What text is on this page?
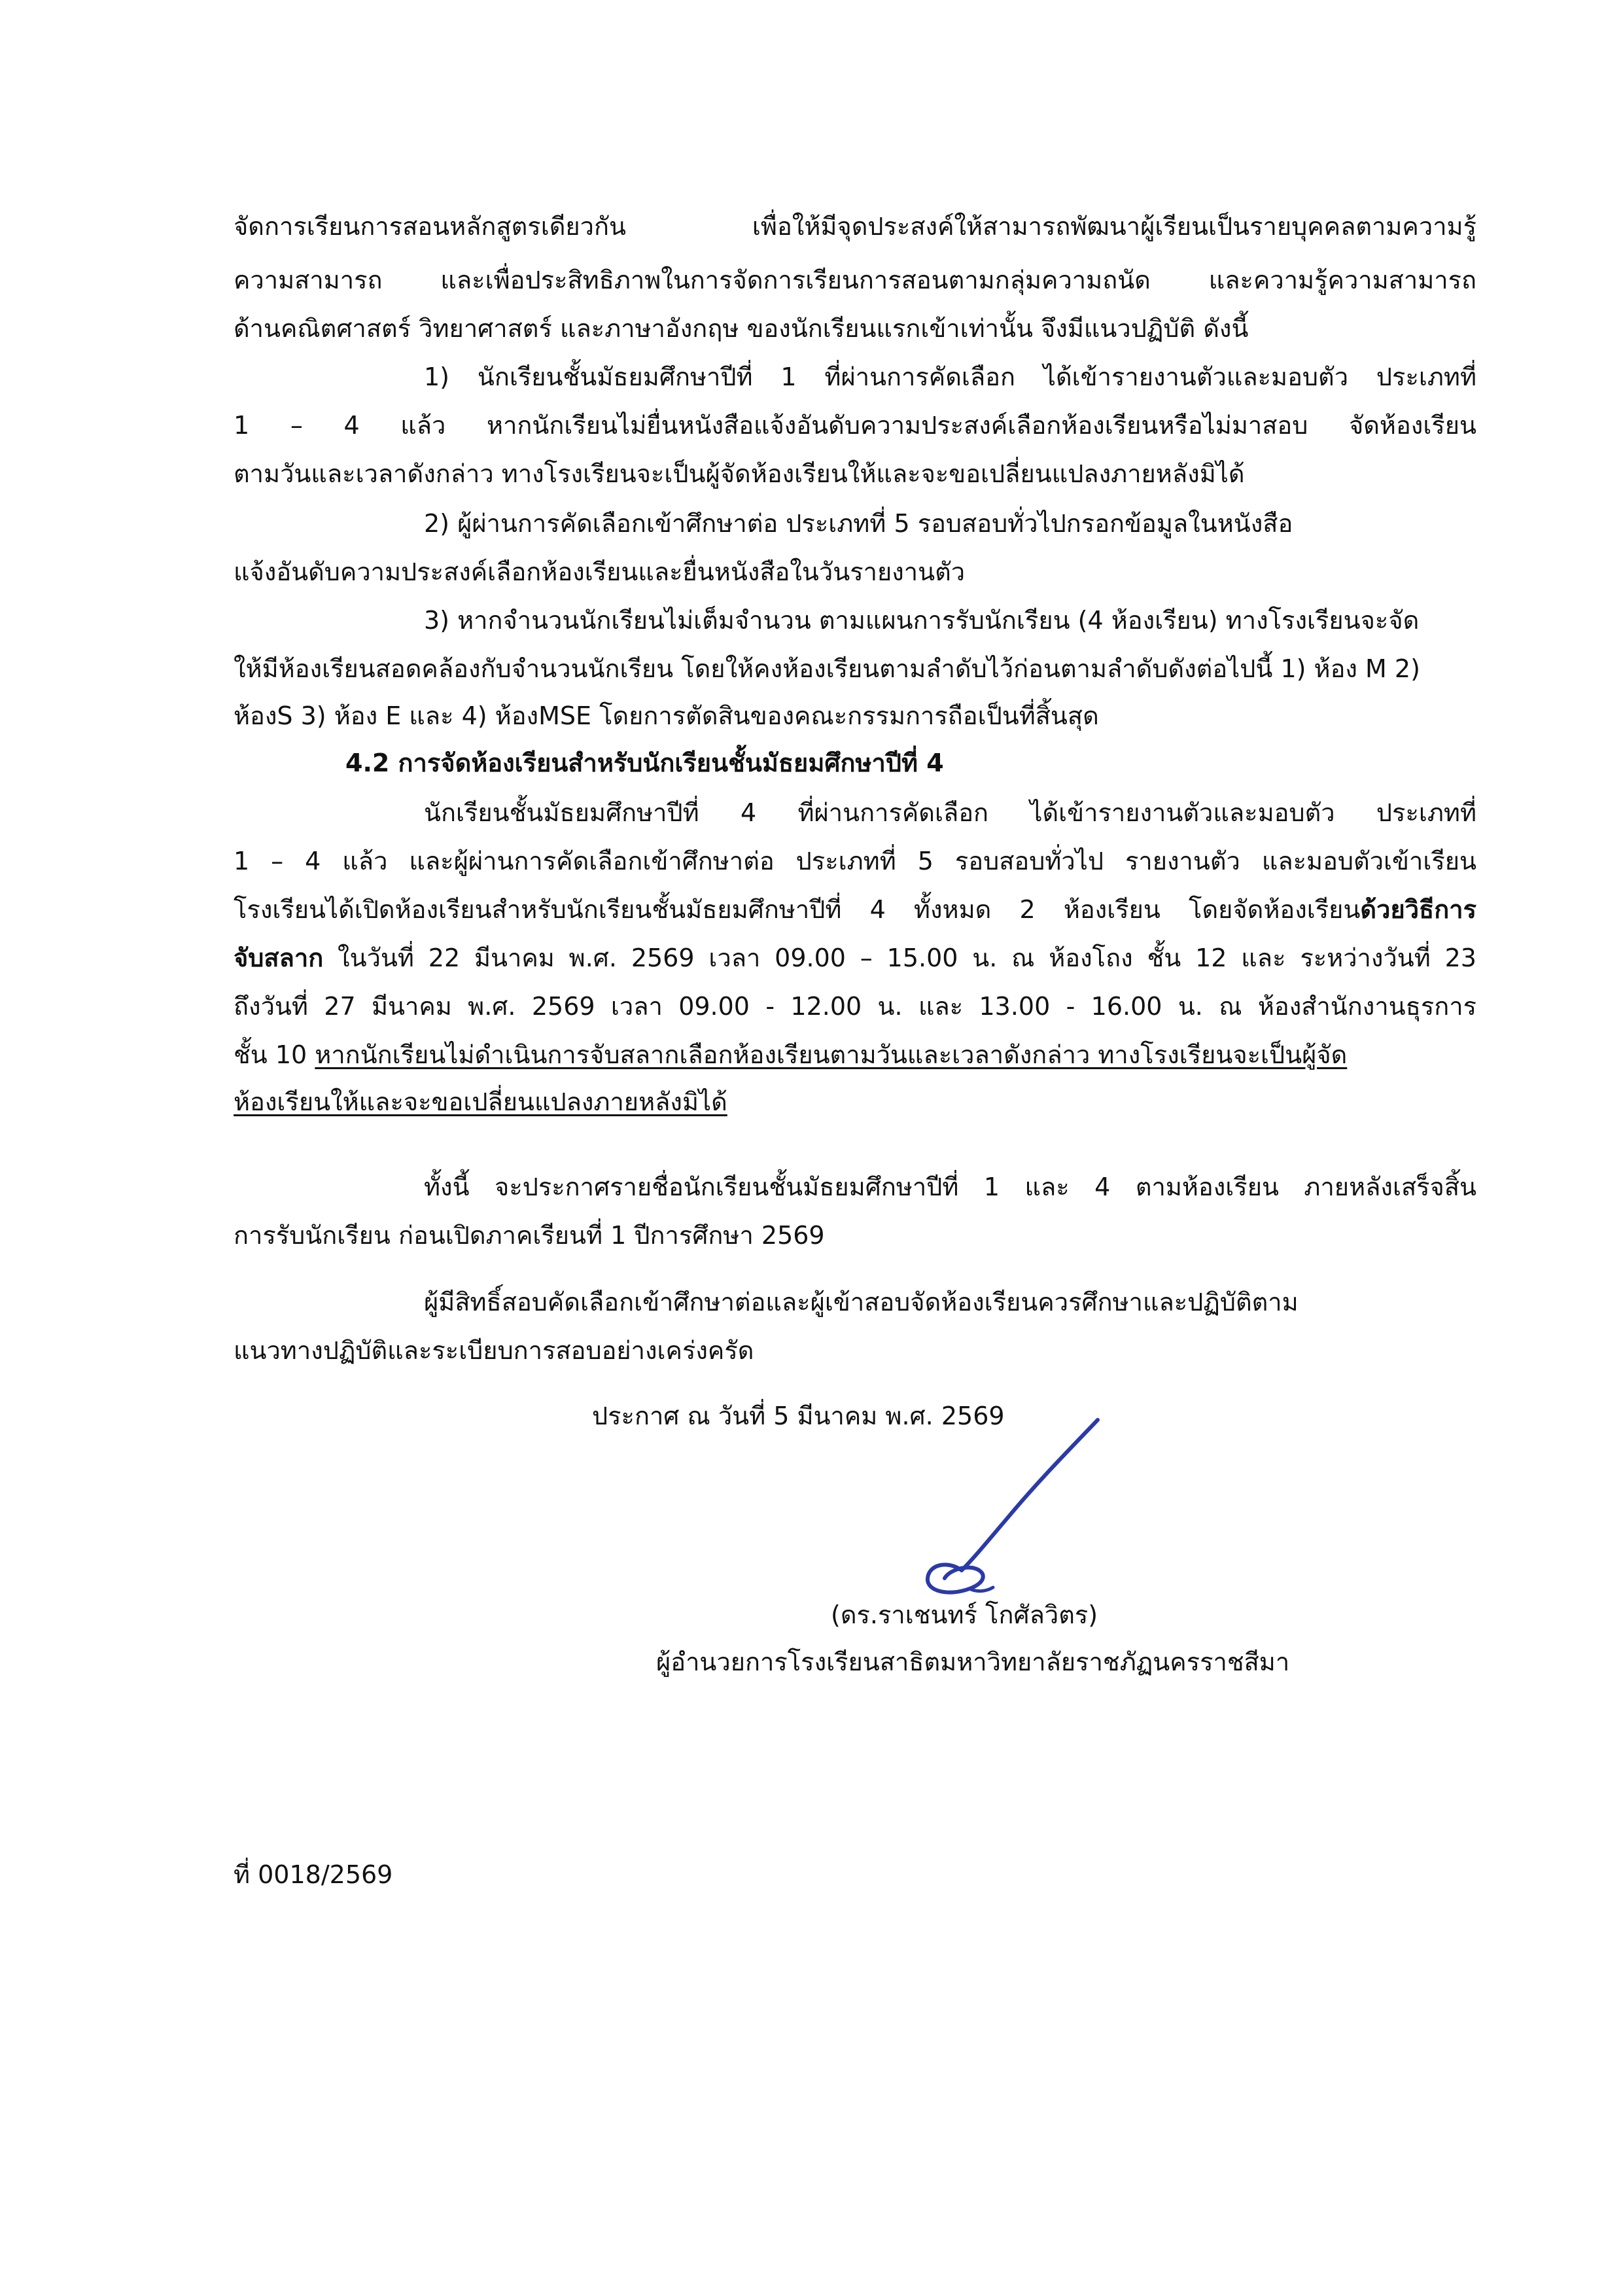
จัดการเรียนการสอนหลักสูตรเดียวกัน เพื่อให้มีจุดประสงค์ให้สามารถพัฒนาผู้เรียนเป็นรายบุคคลตามความรู้
ความสามารถ และเพื่อประสิทธิภาพในการจัดการเรียนการสอนตามกลุ่มความถนัด และความรู้ความสามารถ
ด้านคณิตศาสตร์ วิทยาศาสตร์ และภาษาอังกฤษ ของนักเรียนแรกเข้าเท่านั้น จึงมีแนวปฏิบัติ ดังนี้
1) นักเรียนชั้นมัธยมศึกษาปีที่ 1 ที่ผ่านการคัดเลือก ได้เข้ารายงานตัวและมอบตัว ประเภทที่
1 – 4 แล้ว หากนักเรียนไม่ยื่นหนังสือแจ้งอันดับความประสงค์เลือกห้องเรียนหรือไม่มาสอบ จัดห้องเรียน
ตามวันและเวลาดังกล่าว ทางโรงเรียนจะเป็นผู้จัดห้องเรียนให้และจะขอเปลี่ยนแปลงภายหลังมิได้
2) ผู้ผ่านการคัดเลือกเข้าศึกษาต่อ ประเภทที่ 5 รอบสอบทั่วไปกรอกข้อมูลในหนังสือ
แจ้งอันดับความประสงค์เลือกห้องเรียนและยื่นหนังสือในวันรายงานตัว
3) หากจำนวนนักเรียนไม่เต็มจำนวน ตามแผนการรับนักเรียน (4 ห้องเรียน) ทางโรงเรียนจะจัด
ให้มีห้องเรียนสอดคล้องกับจำนวนนักเรียน โดยให้คงห้องเรียนตามลำดับไว้ก่อนตามลำดับดังต่อไปนี้ 1) ห้อง M 2)
ห้องS 3) ห้อง E และ 4) ห้องMSE โดยการตัดสินของคณะกรรมการถือเป็นที่สิ้นสุด
4.2 การจัดห้องเรียนสำหรับนักเรียนชั้นมัธยมศึกษาปีที่ 4
นักเรียนชั้นมัธยมศึกษาปีที่ 4 ที่ผ่านการคัดเลือก ได้เข้ารายงานตัวและมอบตัว ประเภทที่
1 – 4 แล้ว และผู้ผ่านการคัดเลือกเข้าศึกษาต่อ ประเภทที่ 5 รอบสอบทั่วไป รายงานตัว และมอบตัวเข้าเรียน
โรงเรียนได้เปิดห้องเรียนสำหรับนักเรียนชั้นมัธยมศึกษาปีที่ 4 ทั้งหมด 2 ห้องเรียน โดยจัดห้องเรียนด้วยวิธีการ
จับสลาก ในวันที่ 22 มีนาคม พ.ศ. 2569 เวลา 09.00 – 15.00 น. ณ ห้องโถง ชั้น 12 และ ระหว่างวันที่ 23
ถึงวันที่ 27 มีนาคม พ.ศ. 2569 เวลา 09.00 - 12.00 น. และ 13.00 - 16.00 น. ณ ห้องสำนักงานธุรการ
ชั้น 10 หากนักเรียนไม่ดำเนินการจับสลากเลือกห้องเรียนตามวันและเวลาดังกล่าว ทางโรงเรียนจะเป็นผู้จัด
ห้องเรียนให้และจะขอเปลี่ยนแปลงภายหลังมิได้
ทั้งนี้ จะประกาศรายชื่อนักเรียนชั้นมัธยมศึกษาปีที่ 1 และ 4 ตามห้องเรียน ภายหลังเสร็จสิ้น
การรับนักเรียน ก่อนเปิดภาคเรียนที่ 1 ปีการศึกษา 2569
ผู้มีสิทธิ์สอบคัดเลือกเข้าศึกษาต่อและผู้เข้าสอบจัดห้องเรียนควรศึกษาและปฏิบัติตาม
แนวทางปฏิบัติและระเบียบการสอบอย่างเคร่งครัด
ประกาศ ณ วันที่ 5 มีนาคม พ.ศ. 2569
(ดร.ราเชนทร์ โกศัลวิตร)
ผู้อำนวยการโรงเรียนสาธิตมหาวิทยาลัยราชภัฏนครราชสีมา
ที่ 0018/2569
